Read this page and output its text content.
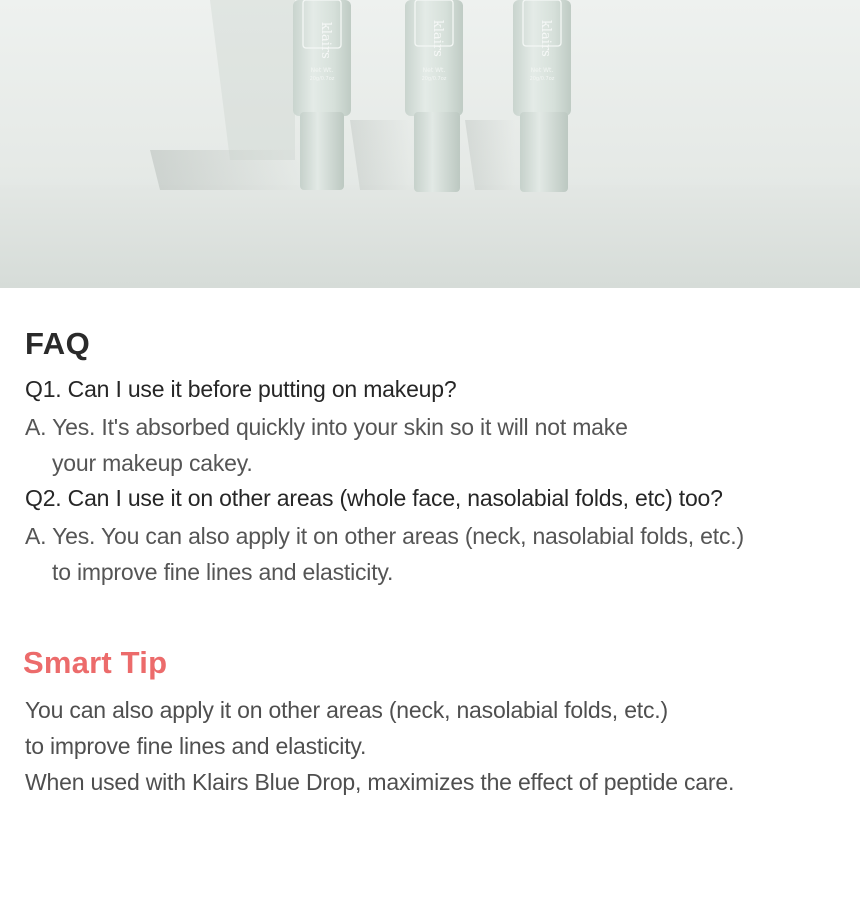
klairs
Net Wt.
20g/0.7oz
klairs
Net Wt.
20g/0.7oz
klairs
Net Wt.
20g/0.7oz
FAQ

Q1. Can I use it before putting on makeup?

A. Yes. It's absorbed quickly into your skin so it will not make
your makeup cakey.

Q2. Can I use it on other areas (whole face, nasolabial folds, etc) too?

A. Yes. You can also apply it on other areas (neck, nasolabial folds, etc.)
to improve fine lines and elasticity.

Smart Tip

You can also apply it on other areas (neck, nasolabial folds, etc.)
to improve fine lines and elasticity.
When used with Klairs Blue Drop, maximizes the effect of peptide care.
